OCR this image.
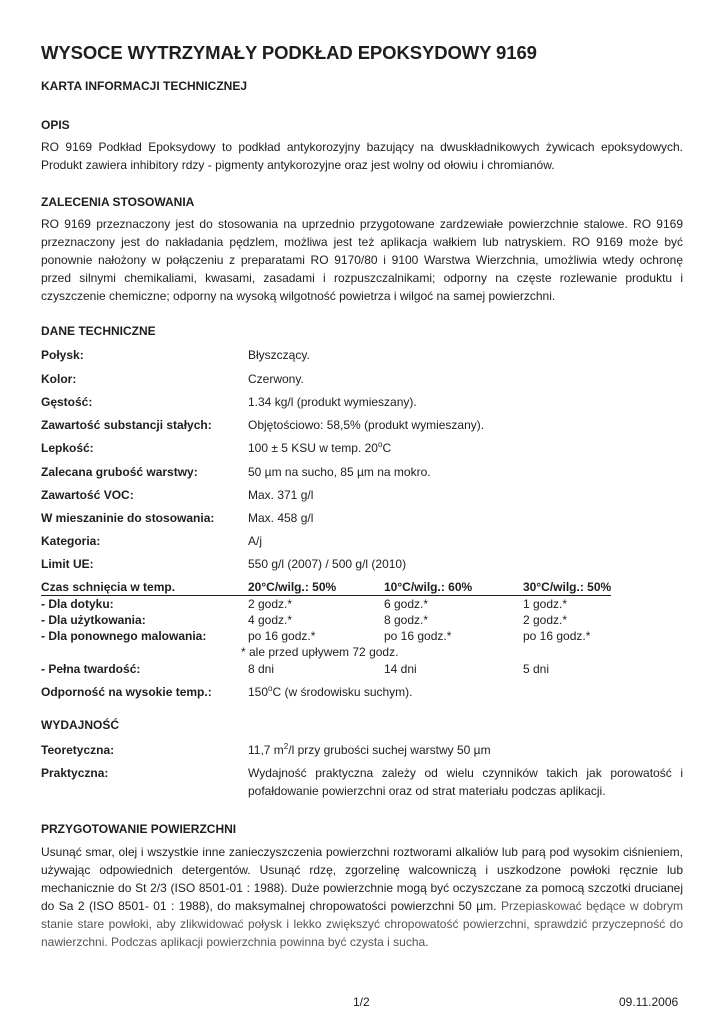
WYSOCE WYTRZYMAŁY PODKŁAD EPOKSYDOWY 9169
KARTA INFORMACJI TECHNICZNEJ
OPIS
RO 9169 Podkład Epoksydowy to podkład antykorozyjny bazujący na dwuskładnikowych żywicach epoksydowych. Produkt zawiera inhibitory rdzy - pigmenty antykorozyjne oraz jest wolny od ołowiu i chromianów.
ZALECENIA STOSOWANIA
RO 9169 przeznaczony jest do stosowania na uprzednio przygotowane zardzewiałe powierzchnie stalowe. RO 9169 przeznaczony jest do nakładania pędzlem, możliwa jest też aplikacja wałkiem lub natryskiem. RO 9169 może być ponownie nałożony w połączeniu z preparatami RO 9170/80 i 9100 Warstwa Wierzchnia, umożliwia wtedy ochronę przed silnymi chemikaliami, kwasami, zasadami i rozpuszczalnikami; odporny na częste rozlewanie produktu i czyszczenie chemiczne; odporny na wysoką wilgotność powietrza i wilgoć na samej powierzchni.
DANE TECHNICZNE
Połysk:	Błyszczący.
Kolor:	Czerwony.
Gęstość:	1.34 kg/l (produkt wymieszany).
Zawartość substancji stałych:	Objętościowo: 58,5% (produkt wymieszany).
Lepkość:	100 ± 5 KSU w temp. 20$^o$C
Zalecana grubość warstwy:	50 µm na sucho, 85 µm na mokro.
Zawartość VOC:	Max. 371 g/l
W mieszaninie do stosowania:	Max. 458 g/l
Kategoria:	A/j
Limit UE:	550 g/l (2007) / 500 g/l (2010)
Czas schnięcia w temp.	20°C/wilg.: 50%	10°C/wilg.: 60%	30°C/wilg.: 50%
- Dla dotyku:	2 godz.*	6 godz.*	1 godz.*
- Dla użytkowania:	4 godz.*	8 godz.*	2 godz.*
- Dla ponownego malowania:	po 16 godz.*	po 16 godz.*	po 16 godz.*
* ale przed upływem 72 godz.
- Pełna twardość:	8 dni	14 dni	5 dni
Odporność na wysokie temp.:	150$^o$C (w środowisku suchym).
WYDAJNOŚĆ
Teoretyczna:	11,7 $m^2/l$ przy grubości suchej warstwy 50 µm
Praktyczna:	Wydajność praktyczna zależy od wielu czynników takich jak porowatość i pofałdowanie powierzchni oraz od strat materiału podczas aplikacji.
PRZYGOTOWANIE POWIERZCHNI
Usunąć smar, olej i wszystkie inne zanieczyszczenia powierzchni roztworami alkaliów lub parą pod wysokim ciśnieniem, używając odpowiednich detergentów. Usunąć rdzę, zgorzelinę walcowniczą i uszkodzone powłoki ręcznie lub mechanicznie do St 2/3 (ISO 8501-01 : 1988). Duże powierzchnie mogą być oczyszczane za pomocą szczotki drucianej do Sa 2 (ISO 8501- 01 : 1988), do maksymalnej chropowatości powierzchni 50 µm. Przepiaskować będące w dobrym stanie stare powłoki, aby zlikwidować połysk i lekko zwiększyć chropowatość powierzchni, sprawdzić przyczepność do nawierzchni. Podczas aplikacji powierzchnia powinna być czysta i sucha.
1/2	09.11.2006
